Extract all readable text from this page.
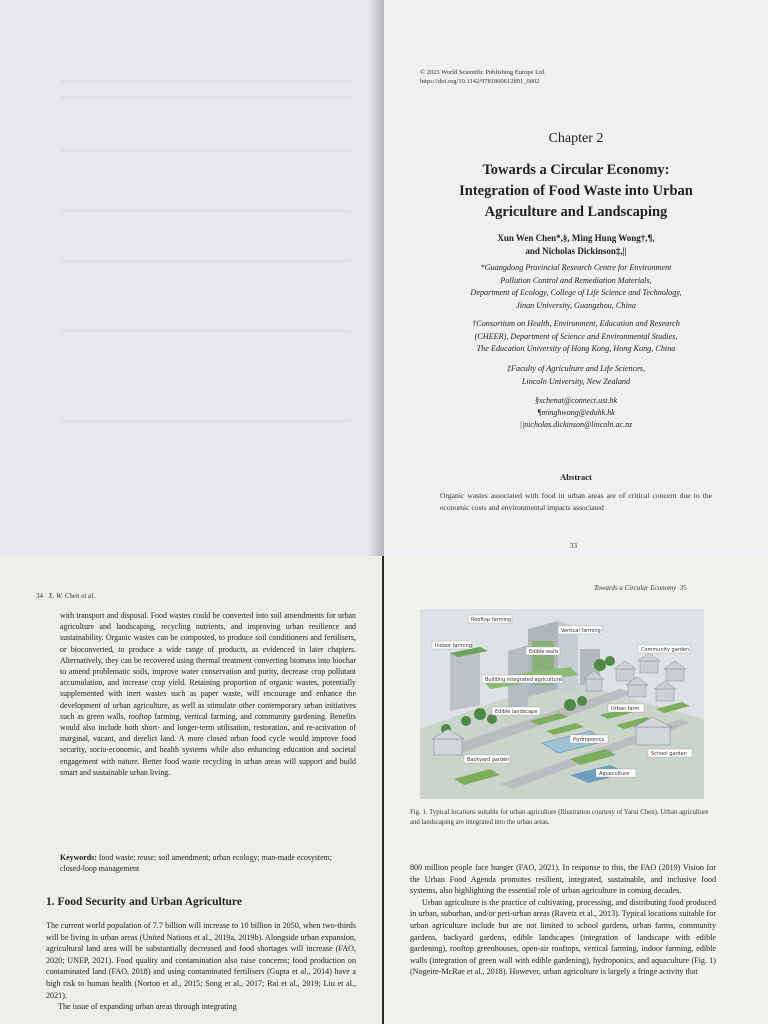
© 2023 World Scientific Publishing Europe Ltd.
https://doi.org/10.1142/9781800612891_0002
Chapter 2
Towards a Circular Economy:
Integration of Food Waste into Urban
Agriculture and Landscaping
Xun Wen Chen*,§, Ming Hung Wong†,¶,
and Nicholas Dickinson‡,||
*Guangdong Provincial Research Centre for Environment
Pollution Control and Remediation Materials,
Department of Ecology, College of Life Science and Technology,
Jinan University, Guangzhou, China
†Consortium on Health, Environment, Education and Research
(CHEER), Department of Science and Environmental Studies,
The Education University of Hong Kong, Hong Kong, China
‡Faculty of Agriculture and Life Sciences,
Lincoln University, New Zealand
§xchenat@connect.ust.hk
¶minghwong@eduhk.hk
||nicholas.dickinson@lincoln.ac.nz
Abstract
Organic wastes associated with food in urban areas are of critical concern due to the economic costs and environmental impacts associated
33
34 X. W. Chen et al.
with transport and disposal. Food wastes could be converted into soil amendments for urban agriculture and landscaping, recycling nutrients, and improving urban resilience and sustainability. Organic wastes can be composted, to produce soil conditioners and fertilisers, or bioconverted, to produce a wide range of products, as evidenced in later chapters. Alternatively, they can be recovered using thermal treatment converting biomass into biochar to amend problematic soils, improve water conservation and purity, decrease crop pollutant accumulation, and increase crop yield. Retaining proportion of organic wastes, potentially supplemented with inert wastes such as paper waste, will encourage and enhance the development of urban agriculture, as well as stimulate other contemporary urban initiatives such as green walls, rooftop farming, vertical farming, and community gardening. Benefits would also include both short- and longer-term utilisation, restoration, and re-activation of marginal, vacant, and derelict land. A more closed urban food cycle would improve food security, socio-economic, and health systems while also enhancing education and societal engagement with nature. Better food waste recycling in urban areas will support and build smart and sustainable urban living.
Keywords: food waste; reuse; soil amendment; urban ecology; man-made ecosystem; closed-loop management
1. Food Security and Urban Agriculture
The current world population of 7.7 billion will increase to 10 billion in 2050, when two-thirds will be living in urban areas (United Nations et al., 2019a, 2019b). Alongside urban expansion, agricultural land area will be substantially decreased and food shortages will increase (FAO, 2020; UNEP, 2021). Food quality and contamination also raise concerns; food production on contaminated land (FAO, 2018) and using contaminated fertilisers (Gupta et al., 2014) have a high risk to human health (Norton et al., 2015; Song et al., 2017; Rai et al., 2019; Liu et al., 2021).
The issue of expanding urban areas through integrating
Towards a Circular Economy 35
Rooftop farming
Vertical farming
Indoor farming
Edible walls	Community garden
Building integrated agriculture
Edible landscape	Urban farm
Hydroponics
Backyard garden
School garden
Aquaculture
Fig. 1. Typical locations suitable for urban agriculture (Illustration courtesy of Yarui Chen). Urban agriculture and landscaping are integrated into the urban areas.
800 million people face hunger (FAO, 2021). In response to this, the FAO (2019) Vision for the Urban Food Agenda promotes resilient, integrated, sustainable, and inclusive food systems, also highlighting the essential role of urban agriculture in coming decades.
Urban agriculture is the practice of cultivating, processing, and distributing food produced in urban, suburban, and/or peri-urban areas (Ravetz et al., 2013). Typical locations suitable for urban agriculture include but are not limited to school gardens, urban farms, community gardens, backyard gardens, edible landscapes (integration of landscape with edible gardening), rooftop greenhouses, open-air rooftops, vertical farming, indoor farming, edible walls (integration of green wall with edible gardening), hydroponics, and aquaculture (Fig. 1) (Nogeire-McRae et al., 2018). However, urban agriculture is largely a fringe activity that
